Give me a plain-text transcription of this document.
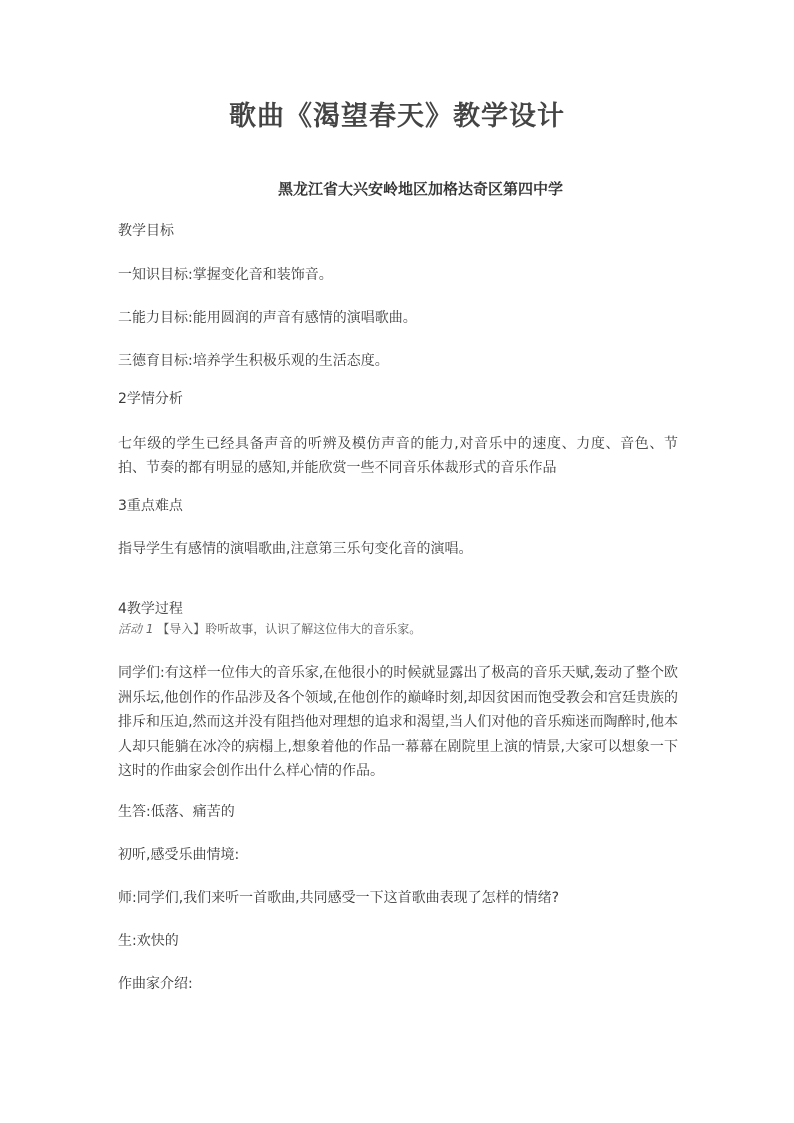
歌曲《渴望春天》教学设计
黑龙江省大兴安岭地区加格达奇区第四中学
教学目标
一知识目标:掌握变化音和装饰音。
二能力目标:能用圆润的声音有感情的演唱歌曲。
三德育目标:培养学生积极乐观的生活态度。
2学情分析
七年级的学生已经具备声音的听辨及模仿声音的能力,对音乐中的速度、力度、音色、节拍、节奏的都有明显的感知,并能欣赏一些不同音乐体裁形式的音乐作品
3重点难点
指导学生有感情的演唱歌曲,注意第三乐句变化音的演唱。
4教学过程
活动 1 【导入】聆听故事，认识了解这位伟大的音乐家。
同学们:有这样一位伟大的音乐家,在他很小的时候就显露出了极高的音乐天赋,轰动了整个欧洲乐坛,他创作的作品涉及各个领域,在他创作的巅峰时刻,却因贫困而饱受教会和宫廷贵族的排斥和压迫,然而这并没有阻挡他对理想的追求和渴望,当人们对他的音乐痴迷而陶醉时,他本人却只能躺在冰冷的病榻上,想象着他的作品一幕幕在剧院里上演的情景,大家可以想象一下这时的作曲家会创作出什么样心情的作品。
生答:低落、痛苦的
初听,感受乐曲情境:
师:同学们,我们来听一首歌曲,共同感受一下这首歌曲表现了怎样的情绪?
生:欢快的
作曲家介绍:
